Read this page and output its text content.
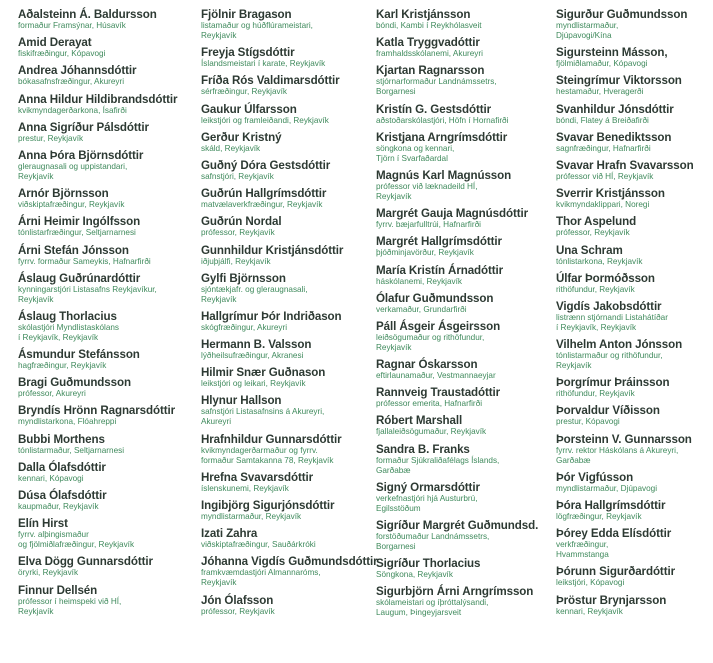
Aðalsteinn Á. Baldursson
formaður Framsýnar, Húsavík
Amid Derayat
fiskifræðingur, Kópavogi
Andrea Jóhannsdóttir
bókasafnsfræðingur, Akureyri
Anna Hildur Hildibrandsdóttir
kvikmyndagerðarkona, Ísafirði
Anna Sigríður Pálsdóttir
prestur, Reykjavík
Anna Þóra Björnsdóttir
gleraugnasali og uppistandari,
Reykjavík
Arnór Björnsson
viðskiptafræðingur, Reykjavík
Árni Heimir Ingólfsson
tónlistarfræðingur, Seltjarnarnesi
Árni Stefán Jónsson
fyrrv. formaður Sameykis, Hafnarfirði
Áslaug Guðrúnardóttir
kynningarstjóri Listasafns Reykjavíkur,
Reykjavík
Áslaug Thorlacius
skólastjóri Myndlistaskólans
í Reykjavík, Reykjavík
Ásmundur Stefánsson
hagfræðingur, Reykjavík
Bragi Guðmundsson
prófessor, Akureyri
Bryndís Hrönn Ragnarsdóttir
myndlistarkona, Flóahreppi
Bubbi Morthens
tónlistarmaður, Seltjarnarnesi
Dalla Ólafsdóttir
kennari, Kópavogi
Dúsa Ólafsdóttir
kaupmaður, Reykjavík
Elín Hirst
fyrrv. alþingismaður
og fjölmiðlafræðingur, Reykjavík
Elva Dögg Gunnarsdóttir
öryrki, Reykjavík
Finnur Dellsén
prófessor í heimspeki við HÍ,
Reykjavík
Fjölnir Bragason
listamaður og húðflúrameistari,
Reykjavík
Freyja Stígsdóttir
Íslandsmeistari í karate, Reykjavík
Fríða Rós Valdimarsdóttir
sérfræðingur, Reykjavík
Gaukur Úlfarsson
leikstjóri og framleiðandi, Reykjavík
Gerður Kristný
skáld, Reykjavík
Guðný Dóra Gestsdóttir
safnstjóri, Reykjavík
Guðrún Hallgrímsdóttir
matvælaverkfræðingur, Reykjavík
Guðrún Nordal
prófessor, Reykjavík
Gunnhildur Kristjánsdóttir
iðjuþjálfi, Reykjavík
Gylfi Björnsson
sjóntækjafr. og gleraugnasali,
Reykjavík
Hallgrímur Þór Indriðason
skógfræðingur, Akureyri
Hermann B. Valsson
lýðheilsufræðingur, Akranesi
Hilmir Snær Guðnason
leikstjóri og leikari, Reykjavík
Hlynur Hallson
safnstjóri Listasafnsins á Akureyri,
Akureyri
Hrafnhildur Gunnarsdóttir
kvikmyndagerðarmaður og fyrrv.
formaður Samtakanna 78, Reykjavík
Hrefna Svavarsdóttir
íslenskunemi, Reykjavík
Ingibjörg Sigurjónsdóttir
myndlistarmaður, Reykjavík
Izati Zahra
viðskiptafræðingur, Sauðárkróki
Jóhanna Vigdís Guðmundsdóttir
framkvæmdastjóri Almannaróms,
Reykjavík
Jón Ólafsson
prófessor, Reykjavík
Karl Kristjánsson
bóndi, Kambi í Reykhólasveit
Katla Tryggvadóttir
framhaldsskólanemi, Akureyri
Kjartan Ragnarsson
stjórnarformaður Landnámssetrs,
Borgarnesi
Kristín G. Gestsdóttir
aðstoðarskólastjóri, Höfn í Hornafirði
Kristjana Arngrímsdóttir
söngkona og kennari,
Tjörn í Svarfaðardal
Magnús Karl Magnússon
prófessor við læknadeild HÍ,
Reykjavík
Margrét Gauja Magnúsdóttir
fyrrv. bæjarfulltrúi, Hafnarfirði
Margrét Hallgrímsdóttir
þjóðminjavörður, Reykjavík
María Kristín Árnadóttir
háskólanemi, Reykjavík
Ólafur Guðmundsson
verkamaður, Grundarfirði
Páll Ásgeir Ásgeirsson
leiðsögumaður og rithöfundur,
Reykjavík
Ragnar Óskarsson
eftirlaunamaður, Vestmannaeyjar
Rannveig Traustadóttir
prófessor emerita, Hafnarfirði
Róbert Marshall
fjallaleiðsögumaður, Reykjavík
Sandra B. Franks
formaður Sjúkraliðafélags Íslands,
Garðabæ
Signý Ormarsdóttir
verkefnastjóri hjá Austurbrú,
Egilsstöðum
Sigríður Margrét Guðmundsd.
forstöðumaður Landnámssetrs,
Borgarnesi
Sigríður Thorlacius
Söngkona, Reykjavík
Sigurbjörn Árni Arngrímsson
skólameistari og íþróttalýsandi,
Laugum, Þingeyjarsveit
Sigurður Guðmundsson
myndlistarmaður,
Djúpavogi/Kína
Sigursteinn Másson,
fjölmiðlamaður, Kópavogi
Steingrímur Viktorsson
hestamaður, Hveragerði
Svanhildur Jónsdóttir
bóndi, Flatey á Breiðafirði
Svavar Benediktsson
sagnfræðingur, Hafnarfirði
Svavar Hrafn Svavarsson
prófessor við HÍ, Reykjavík
Sverrir Kristjánsson
kvikmyndaklippari, Noregi
Thor Aspelund
prófessor, Reykjavík
Una Schram
tónlistarkona, Reykjavík
Úlfar Þormóðsson
rithöfundur, Reykjavík
Vigdís Jakobsdóttir
listrænn stjórnandi Listahátíðar
í Reykjavík, Reykjavík
Vilhelm Anton Jónsson
tónlistarmaður og rithöfundur,
Reykjavík
Þorgrímur Þráinsson
rithöfundur, Reykjavík
Þorvaldur Víðisson
prestur, Kópavogi
Þorsteinn V. Gunnarsson
fyrrv. rektor Háskólans á Akureyri,
Garðabæ
Þór Vigfússon
myndlistarmaður, Djúpavogi
Þóra Hallgrímsdóttir
lögfræðingur, Reykjavík
Þórey Edda Elísdóttir
verkfræðingur,
Hvammstanga
Þórunn Sigurðardóttir
leikstjóri, Kópavogi
Þröstur Brynjarsson
kennari, Reykjavík
